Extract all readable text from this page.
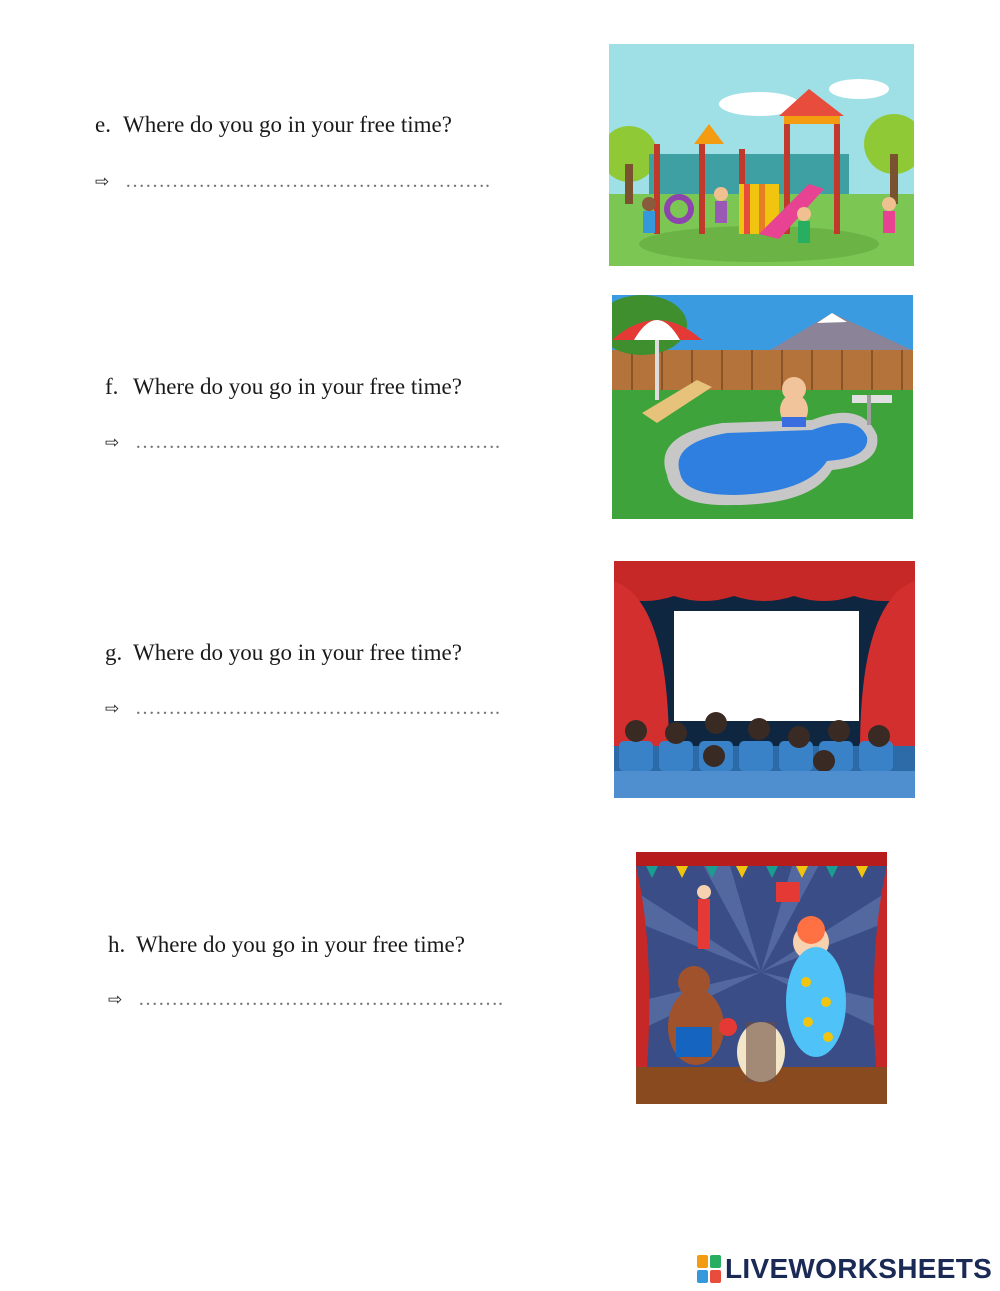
e. Where do you go in your free time?
⇨……………………………………………….
f. Where do you go in your free time?
⇨……………………………………………….
g. Where do you go in your free time?
⇨……………………………………………….
h. Where do you go in your free time?
⇨……………………………………………….
LIVEWORKSHEETS
